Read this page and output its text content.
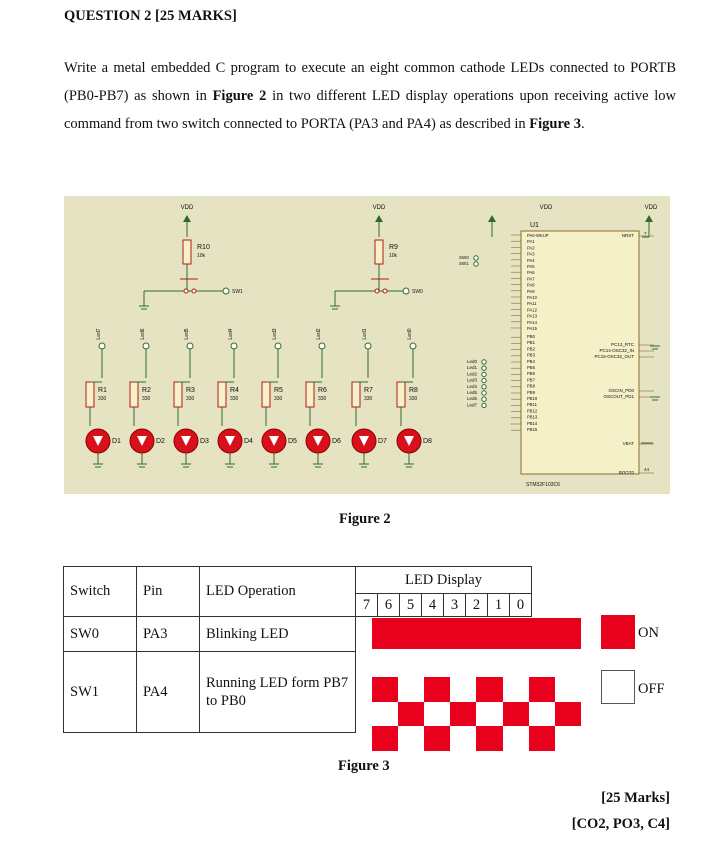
QUESTION 2 [25 MARKS]
Write a metal embedded C program to execute an eight common cathode LEDs connected to PORTB (PB0-PB7) as shown in Figure 2 in two different LED display operations upon receiving active low command from two switch connected to PORTA (PA3 and PA4) as described in Figure 3.
VDD
R10
10k
SW1
VDD
R9
10k
SW0
VDD	VDD
Led7
R1
330
D1
Led6
R2
330
D2
Led5
R3
330
D3
Led4
R4
330
D4
Led3
R5
330
D5
Led2
R6
330
D6
Led1
R7
330
D7
Led0
R8
330
D8
U1
STM32F103C6
PA0-WKUP
PA1
PA2
PA3
PA4
PA5
PA6
PA7
PA8
PA9
PA10
PA11
PA12
PA13
PA14
PA15
PB0
PB1
PB2
PB3
PB4
PB5
PB6
PB7
PB8
PB9
PB10
PB11
PB12
PB13
PB14
PB15
NRST
PC13_RTC
PC14-OSC32_IN
PC15-OSC32_OUT
OSCIN_PD0
OSCOUT_PD1
VBAT
BOOT0
7
44
SW0
SW1
Led0
Led1
Led2
Led3
Led4
Led5
Led6
Led7
Figure 2
Switch	Pin	LED Operation	LED Display							
			7	6	5	4	3	2	1	0
SW0	PA3	Blinking LED								
SW1	PA4	Running LED form PB7 to PB0								
ON
OFF
Figure 3
[25 Marks]
[CO2, PO3, C4]
